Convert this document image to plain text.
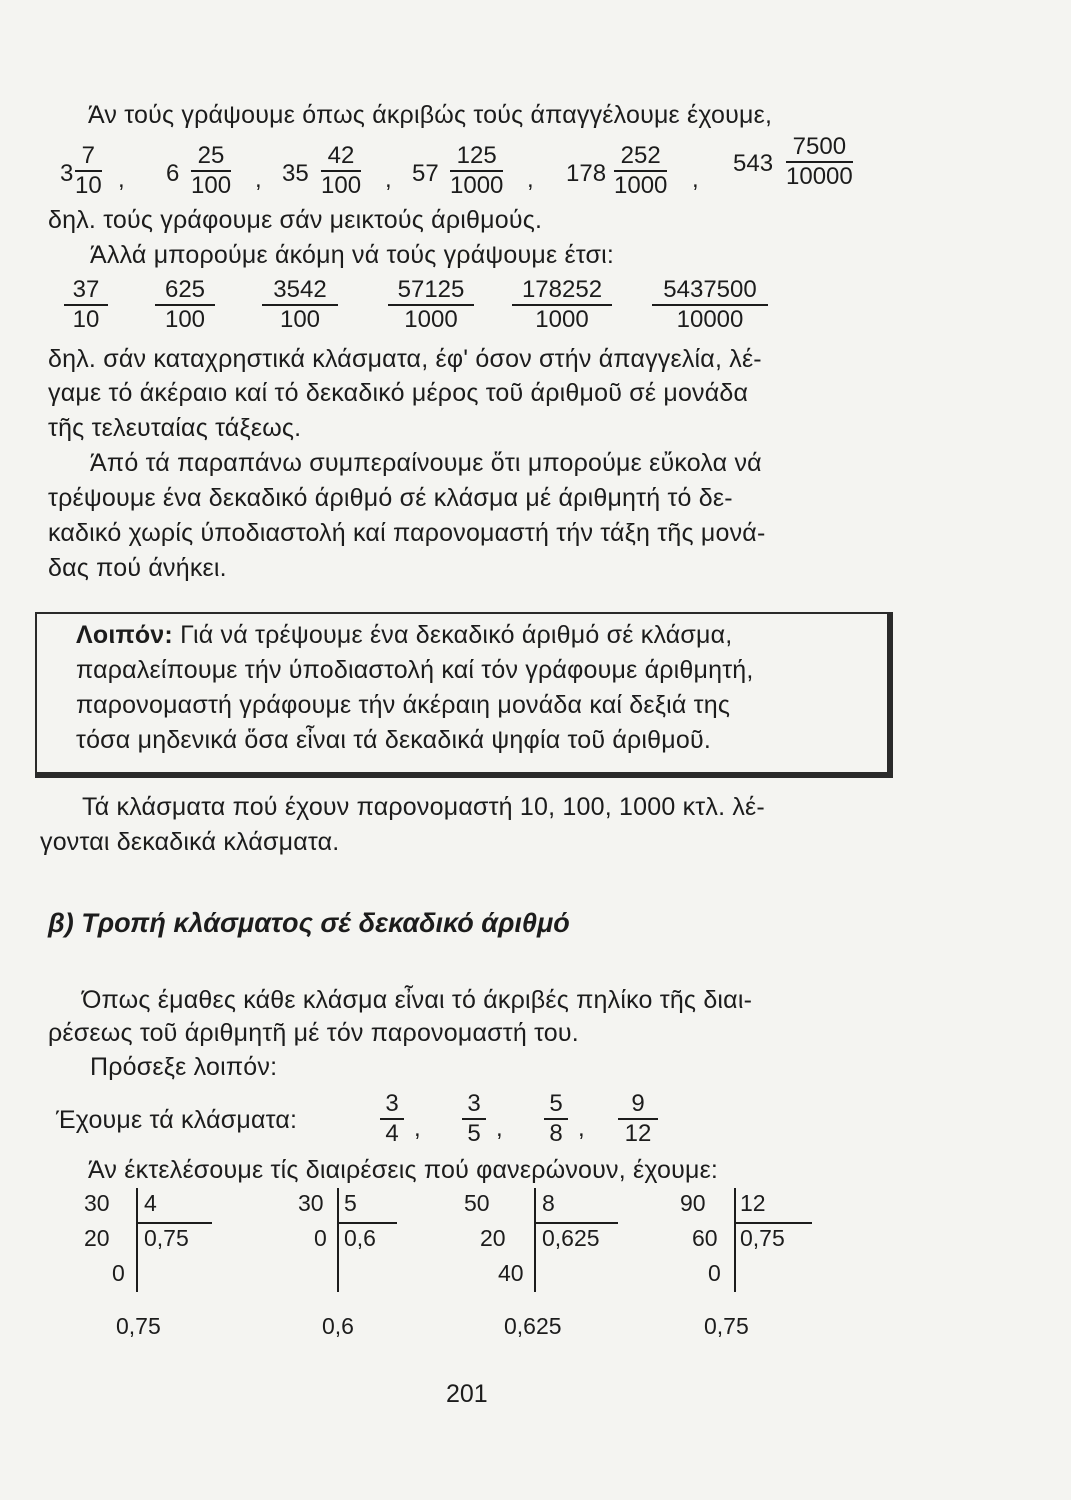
Άν τούς γράψουμε όπως άκριβώς τούς άπαγγέλουμε έχουμε,
$3 \frac{7}{10}$ , $6 \frac{25}{100}$ , $35 \frac{42}{100}$ , $57 \frac{125}{1000}$ , $178 \frac{252}{1000}$ ,
$543 \frac{7500}{10000}$
δηλ. τούς γράφουμε σάν μεικτούς άριθμούς.
Άλλά μπορούμε άκόμη νά τούς γράψουμε έτσι:
$\frac{37}{10} \frac{625}{100} \frac{3542}{100} \frac{57125}{1000} \frac{178252}{1000} \frac{5437500}{10000}$
δηλ. σάν καταχρηστικά κλάσματα, έφ' όσον στήν άπαγγελία, λέ-
γαμε τό άκέραιο καί τό δεκαδικό μέρος τοῦ άριθμοῦ σέ μονάδα
τῆς τελευταίας τάξεως.
Άπό τά παραπάνω συμπεραίνουμε ὅτι μπορούμε εὔκολα νά
τρέψουμε ένα δεκαδικό άριθμό σέ κλάσμα μέ άριθμητή τό δε-
καδικό χωρίς ύποδιαστολή καί παρονομαστή τήν τάξη τῆς μονά-
δας πού άνήκει.
Λοιπόν: Γιά νά τρέψουμε ένα δεκαδικό άριθμό σέ κλάσμα,
παραλείπουμε τήν ύποδιαστολή καί τόν γράφουμε άριθμητή,
παρονομαστή γράφουμε τήν άκέραιη μονάδα καί δεξιά της
τόσα μηδενικά ὅσα εἶναι τά δεκαδικά ψηφία τοῦ άριθμοῦ.
Τά κλάσματα πού έχουν παρονομαστή 10, 100, 1000 κτλ. λέ-
γονται δεκαδικά κλάσματα.
β) Τροπή κλάσματος σέ δεκαδικό άριθμό
Όπως έμαθες κάθε κλάσμα εἶναι τό άκριβές πηλίκο τῆς διαι-
ρέσεως τοῦ άριθμητῆ μέ τόν παρονομαστή του.
Πρόσεξε λοιπόν:
Έχουμε τά κλάσματα:	$\frac{3}{4}$ , $\frac{3}{5}$ , $\frac{5}{8}$ , $\frac{9}{12}$
Άν έκτελέσουμε τίς διαιρέσεις πού φανερώνουν, έχουμε:
30 4
20 0,75
0
30 5
0 0,6
50 8
20 0,625
40
90 12
60 0,75
0
0,75	0,6	0,625	0,75
201
